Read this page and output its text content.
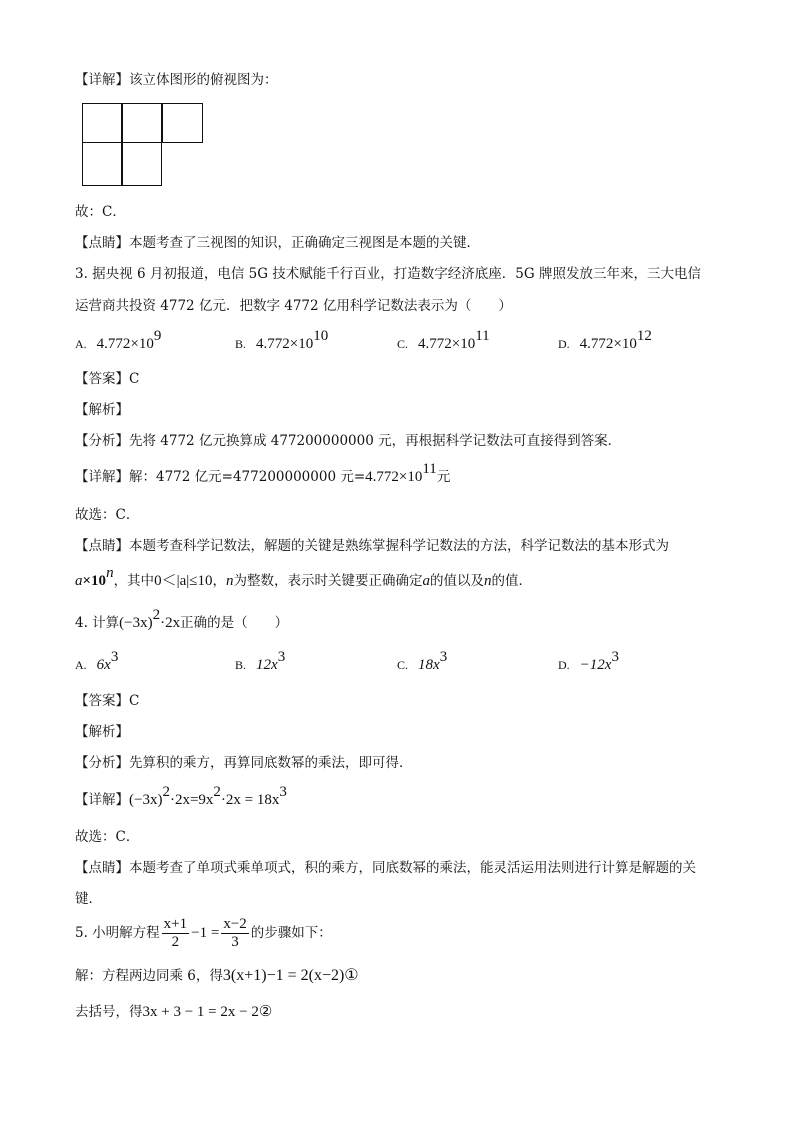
【详解】该立体图形的俯视图为：
故：C．
【点睛】本题考查了三视图的知识，正确确定三视图是本题的关键．
3. 据央视 6 月初报道，电信 5G 技术赋能千行百业，打造数字经济底座．5G 牌照发放三年来，三大电信
运营商共投资 4772 亿元．把数字 4772 亿用科学记数法表示为（　　）
A. $4.772\times 10^9$	B. $4.772\times 10^{10}$	C. $4.772\times 10^{11}$	D. $4.772\times 10^{12}$
【答案】C
【解析】
【分析】先将 4772 亿元换算成 477200000000 元，再根据科学记数法可直接得到答案．
【详解】解：4772 亿元=477200000000 元$=4.772\times 10^{11}$元
故选：C．
【点睛】本题考查科学记数法，解题的关键是熟练掌握科学记数法的方法，科学记数法的基本形式为
$a\times 10^n$，其中0＜|a|≤10，n为整数，表示时关键要正确确定a的值以及n的值．
4. 计算$(-3x)^2\cdot 2x$正确的是（　　）
A. $6x^3$	B. $12x^3$	C. $18x^3$	D. $-12x^3$
【答案】C
【解析】
【分析】先算积的乘方，再算同底数幂的乘法，即可得．
【详解】$(-3x)^2\cdot 2x=9x^2\cdot 2x = 18x^3$
故选：C．
【点睛】本题考查了单项式乘单项式，积的乘方，同底数幂的乘法，能灵活运用法则进行计算是解题的关
键．
5. 小明解方程 $\frac{x+1}{2} -1 = \frac{x-2}{3}$ 的步骤如下：
解：方程两边同乘 6，得3(x+1)−1 = 2(x−2)①
去括号，得3x + 3 − 1 = 2x − 2②
